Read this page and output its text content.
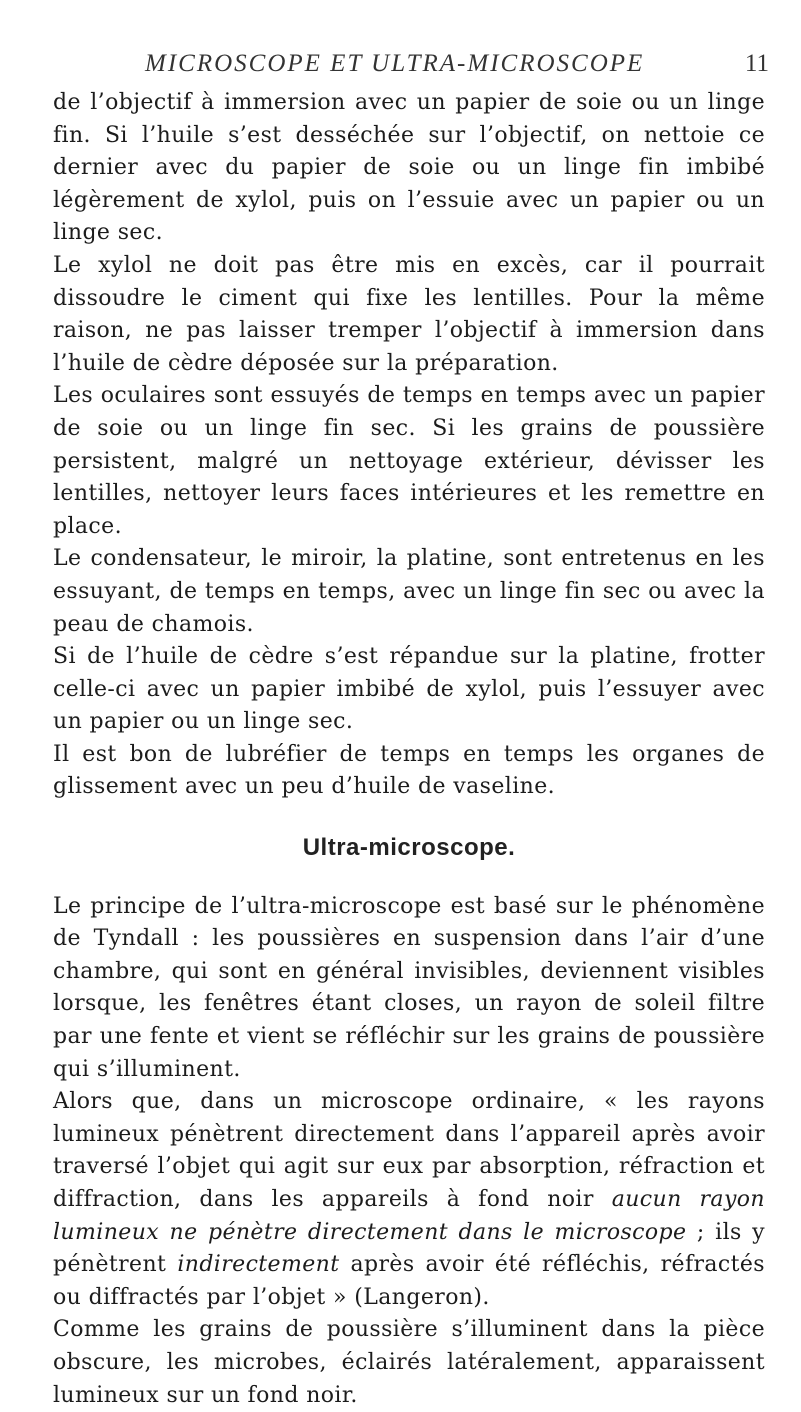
MICROSCOPE ET ULTRA-MICROSCOPE	11

de l’objectif à immersion avec un papier de soie ou un linge fin. Si l’huile s’est desséchée sur l’objectif, on nettoie ce dernier avec du papier de soie ou un linge fin imbibé légèrement de xylol, puis on l’essuie avec un papier ou un linge sec.

Le xylol ne doit pas être mis en excès, car il pourrait dissoudre le ciment qui fixe les lentilles. Pour la même raison, ne pas laisser tremper l’objectif à immersion dans l’huile de cèdre déposée sur la préparation.

Les oculaires sont essuyés de temps en temps avec un papier de soie ou un linge fin sec. Si les grains de poussière persistent, malgré un nettoyage extérieur, dévisser les lentilles, nettoyer leurs faces intérieures et les remettre en place.

Le condensateur, le miroir, la platine, sont entretenus en les essuyant, de temps en temps, avec un linge fin sec ou avec la peau de chamois.

Si de l’huile de cèdre s’est répandue sur la platine, frotter celle-ci avec un papier imbibé de xylol, puis l’essuyer avec un papier ou un linge sec.

Il est bon de lubréfier de temps en temps les organes de glissement avec un peu d’huile de vaseline.

Ultra-microscope.

Le principe de l’ultra-microscope est basé sur le phénomène de Tyndall : les poussières en suspension dans l’air d’une chambre, qui sont en général invisibles, deviennent visibles lorsque, les fenêtres étant closes, un rayon de soleil filtre par une fente et vient se réfléchir sur les grains de poussière qui s’illuminent.

Alors que, dans un microscope ordinaire, « les rayons lumineux pénètrent directement dans l’appareil après avoir traversé l’objet qui agit sur eux par absorption, réfraction et diffraction, dans les appareils à fond noir aucun rayon lumineux ne pénètre directement dans le microscope ; ils y pénètrent indirectement après avoir été réfléchis, réfractés ou diffractés par l’objet » (Langeron).

Comme les grains de poussière s’illuminent dans la pièce obscure, les microbes, éclairés latéralement, apparaissent lumineux sur un fond noir.
